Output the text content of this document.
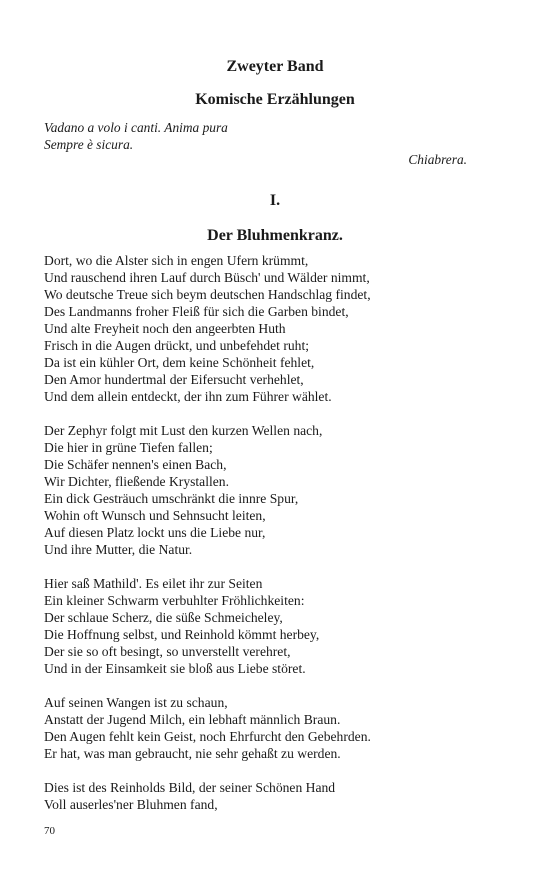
Zweyter Band
Komische Erzählungen
Vadano a volo i canti. Anima pura
Sempre è sicura.
Chiabrera.
I.
Der Bluhmenkranz.
Dort, wo die Alster sich in engen Ufern krümmt,
Und rauschend ihren Lauf durch Büsch' und Wälder nimmt,
Wo deutsche Treue sich beym deutschen Handschlag findet,
Des Landmanns froher Fleiß für sich die Garben bindet,
Und alte Freyheit noch den angeerbten Huth
Frisch in die Augen drückt, und unbefehdet ruht;
Da ist ein kühler Ort, dem keine Schönheit fehlet,
Den Amor hundertmal der Eifersucht verhehlet,
Und dem allein entdeckt, der ihn zum Führer wählet.
Der Zephyr folgt mit Lust den kurzen Wellen nach,
Die hier in grüne Tiefen fallen;
Die Schäfer nennen's einen Bach,
Wir Dichter, fließende Krystallen.
Ein dick Gesträuch umschränkt die innre Spur,
Wohin oft Wunsch und Sehnsucht leiten,
Auf diesen Platz lockt uns die Liebe nur,
Und ihre Mutter, die Natur.
Hier saß Mathild'. Es eilet ihr zur Seiten
Ein kleiner Schwarm verbuhlter Fröhlichkeiten:
Der schlaue Scherz, die süße Schmeicheley,
Die Hoffnung selbst, und Reinhold kömmt herbey,
Der sie so oft besingt, so unverstellt verehret,
Und in der Einsamkeit sie bloß aus Liebe störet.
Auf seinen Wangen ist zu schaun,
Anstatt der Jugend Milch, ein lebhaft männlich Braun.
Den Augen fehlt kein Geist, noch Ehrfurcht den Gebehrden.
Er hat, was man gebraucht, nie sehr gehaßt zu werden.
Dies ist des Reinholds Bild, der seiner Schönen Hand
Voll auserles'ner Bluhmen fand,
70
